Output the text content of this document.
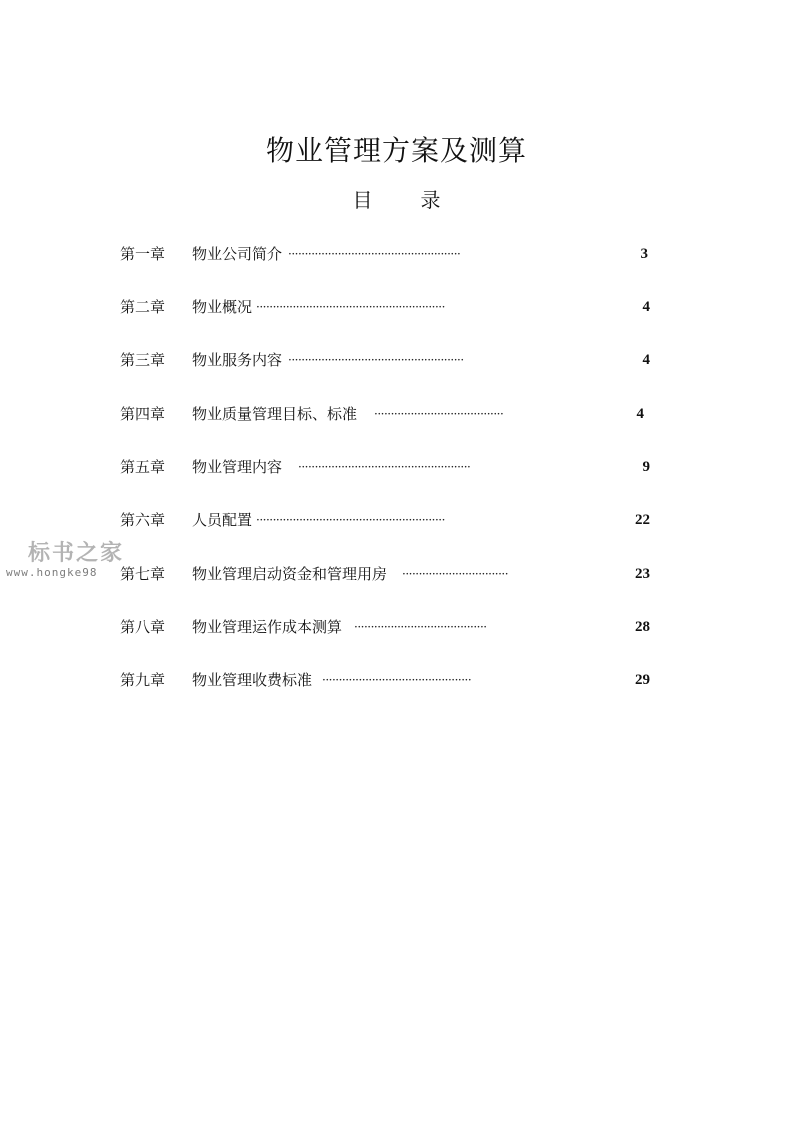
物业管理方案及测算
目 录
第一章	物业公司简介 ····················································	3
第二章	物业概况 ·························································	4
第三章	物业服务内容 ·····················································	4
第四章	物业质量管理目标、标准 ·······································	4
第五章	物业管理内容 ····················································	9
第六章	人员配置 ·························································	22
第七章	物业管理启动资金和管理用房 ································	23
第八章	物业管理运作成本测算 ········································	28
第九章	物业管理收费标准 ·············································	29
标书之家
www.hongke98
